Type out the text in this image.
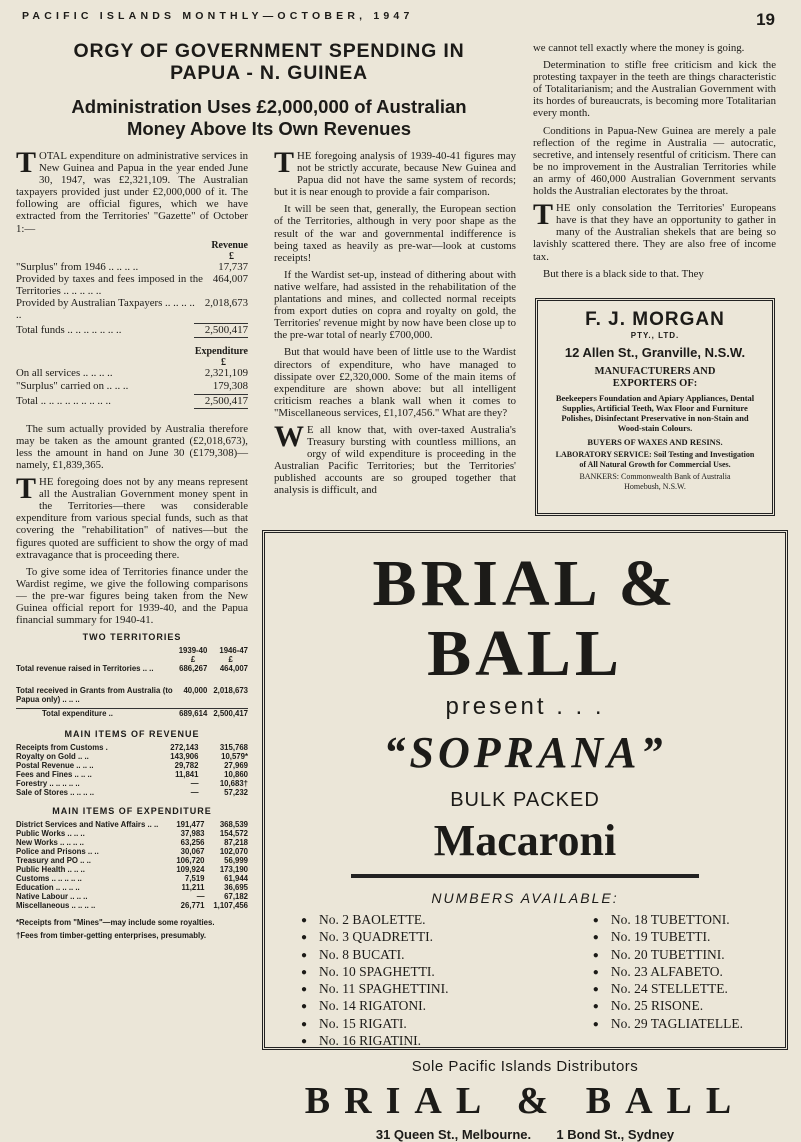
PACIFIC ISLANDS MONTHLY—OCTOBER, 1947	19
ORGY OF GOVERNMENT SPENDING IN
PAPUA - N. GUINEA
Administration Uses £2,000,000 of Australian
Money Above Its Own Revenues

TOTAL expenditure on administrative services in New Guinea and Papua in the year ended June 30, 1947, was £2,321,109. The Australian taxpayers provided just under £2,000,000 of it. The following are official figures, which we have extracted from the Territories' "Gazette" of October 1:—

Revenue
£
"Surplus" from 1946 .. .. .. ..	17,737
Provided by taxes and fees imposed in the Territories .. .. .. .. ..
464,007
Provided by Australian Taxpayers .. .. .. .. ..
2,018,673
Total funds .. .. .. .. .. .. ..	2,500,417
Expenditure
£
On all services .. .. .. ..	2,321,109
"Surplus" carried on .. .. ..	179,308
Total .. .. .. .. .. .. .. .. ..	2,500,417

The sum actually provided by Australia therefore may be taken as the amount granted (£2,018,673), less the amount in hand on June 30 (£179,308)—namely, £1,839,365.

THE foregoing does not by any means represent all the Australian Government money spent in the Territories—there was considerable expenditure from various special funds, such as that covering the "rehabilitation" of natives—but the figures quoted are sufficient to show the orgy of mad extravagance that is proceeding there.

To give some idea of Territories finance under the Wardist regime, we give the following comparisons — the pre-war figures being taken from the New Guinea official report for 1939-40, and the Papua financial summary for 1940-41.

TWO TERRITORIES
	1939-40	1946-47
	£	£
Total revenue raised in Territories .. ..	686,267	464,007
Total received in Grants from Australia (to Papua only) .. .. ..	40,000	2,018,673
Total expenditure ..	689,614	2,500,417
MAIN ITEMS OF REVENUE
Receipts from Customs .	272,143	315,768
Royalty on Gold .. ..	143,906	10,579*
Postal Revenue .. .. ..	29,782	27,969
Fees and Fines .. .. ..	11,841	10,860
Forestry .. .. .. .. ..	—	10,683†
Sale of Stores .. .. .. ..	—	57,232
MAIN ITEMS OF EXPENDITURE
District Services and Native Affairs .. ..	191,477	368,539
Public Works .. .. ..	37,983	154,572
New Works .. .. .. ..	63,256	87,218
Police and Prisons .. ..	30,067	102,070
Treasury and PO .. ..	106,720	56,999
Public Health .. .. ..	109,924	173,190
Customs .. .. .. .. ..	7,519	61,944
Education .. .. .. ..	11,211	36,695
Native Labour .. .. ..	—	67,182
Miscellaneous .. .. .. ..	26,771	1,107,456
*Receipts from "Mines"—may include some royalties.
†Fees from timber-getting enterprises, presumably.

THE foregoing analysis of 1939-40-41 figures may not be strictly accurate, because New Guinea and Papua did not have the same system of records; but it is near enough to provide a fair comparison.

It will be seen that, generally, the European section of the Territories, although in very poor shape as the result of the war and governmental indifference is being taxed as heavily as pre-war—look at customs receipts!

If the Wardist set-up, instead of dithering about with native welfare, had assisted in the rehabilitation of the plantations and mines, and collected normal receipts from export duties on copra and royalty on gold, the Territories' revenue might by now have been close up to the pre-war total of nearly £700,000.

But that would have been of little use to the Wardist directors of expenditure, who have managed to dissipate over £2,320,000. Some of the main items of expenditure are shown above: but all intelligent criticism reaches a blank wall when it comes to "Miscellaneous services, £1,107,456." What are they?

W E all know that, with over-taxed Australia's Treasury bursting with countless millions, an orgy of wild expenditure is proceeding in the Australian Pacific Territories; but the Territories' published accounts are so grouped together that analysis is difficult, and

we cannot tell exactly where the money is going.

Determination to stifle free criticism and kick the protesting taxpayer in the teeth are things characteristic of Totalitarianism; and the Australian Government with its hordes of bureaucrats, is becoming more Totalitarian every month.

Conditions in Papua-New Guinea are merely a pale reflection of the regime in Australia — autocratic, secretive, and intensely resentful of criticism. There can be no improvement in the Australian Territories while an army of 460,000 Australian Government servants holds the Australian electorates by the throat.

THE only consolation the Territories' Europeans have is that they have an opportunity to gather in many of the Australian shekels that are being so lavishly scattered there. They are also free of income tax.

But there is a black side to that. They

F. J. MORGAN
PTY., LTD.
12 Allen St., Granville, N.S.W.
MANUFACTURERS AND EXPORTERS OF:
Beekeepers Foundation and Apiary Appliances, Dental Supplies, Artificial Teeth, Wax Floor and Furniture Polishes, Disinfectant Preservative in non-Stain and Wood-stain Colours.
BUYERS OF WAXES AND RESINS.
LABORATORY SERVICE: Soil Testing and Investigation of All Natural Growth for Commercial Uses.
BANKERS: Commonwealth Bank of Australia Homebush, N.S.W.
BRIAL & BALL
present . . .
“SOPRANA”
BULK PACKED
Macaroni
NUMBERS AVAILABLE:
● No. 2 BAOLETTE.
● No. 3 QUADRETTI.
● No. 8 BUCATI.
● No. 10 SPAGHETTI.
● No. 11 SPAGHETTINI.
● No. 14 RIGATONI.
● No. 15 RIGATI.
● No. 16 RIGATINI.
● No. 18 TUBETTONI.
● No. 19 TUBETTI.
● No. 20 TUBETTINI.
● No. 23 ALFABETO.
● No. 24 STELLETTE.
● No. 25 RISONE.
● No. 29 TAGLIATELLE.
Sole Pacific Islands Distributors
BRIAL & BALL
31 Queen St., Melbourne. 1 Bond St., Sydney
